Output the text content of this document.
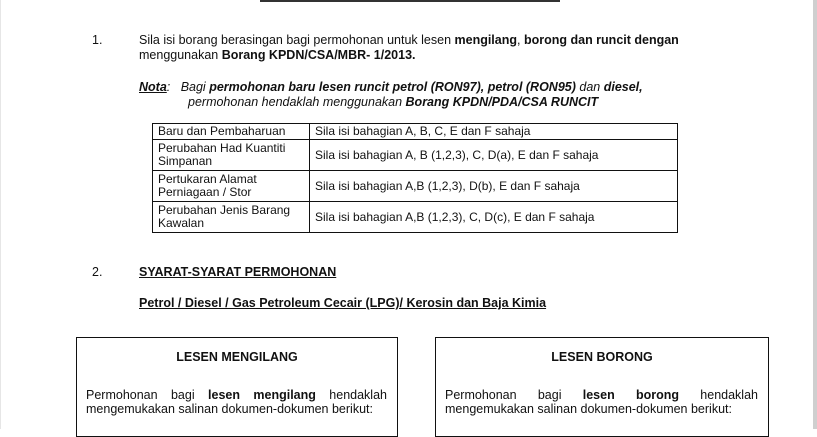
1.	Sila isi borang berasingan bagi permohonan untuk lesen mengilang, borong dan runcit dengan
menggunakan Borang KPDN/CSA/MBR- 1/2013.
Nota: Bagi permohonan baru lesen runcit petrol (RON97), petrol (RON95) dan diesel,
permohonan hendaklah menggunakan Borang KPDN/PDA/CSA RUNCIT
Baru dan Pembaharuan	Sila isi bahagian A, B, C, E dan F sahaja
Perubahan Had Kuantiti Simpanan	Sila isi bahagian A, B (1,2,3), C, D(a), E dan F sahaja
Pertukaran Alamat Perniagaan / Stor	Sila isi bahagian A,B (1,2,3), D(b), E dan F sahaja
Perubahan Jenis Barang Kawalan	Sila isi bahagian A,B (1,2,3), C, D(c), E dan F sahaja
2.	SYARAT-SYARAT PERMOHONAN
Petrol / Diesel / Gas Petroleum Cecair (LPG)/ Kerosin dan Baja Kimia
LESEN MENGILANG
Permohonan bagi lesen mengilang hendaklah
mengemukakan salinan dokumen-dokumen berikut:
LESEN BORONG
Permohonan bagi lesen borong hendaklah
mengemukakan salinan dokumen-dokumen berikut:
